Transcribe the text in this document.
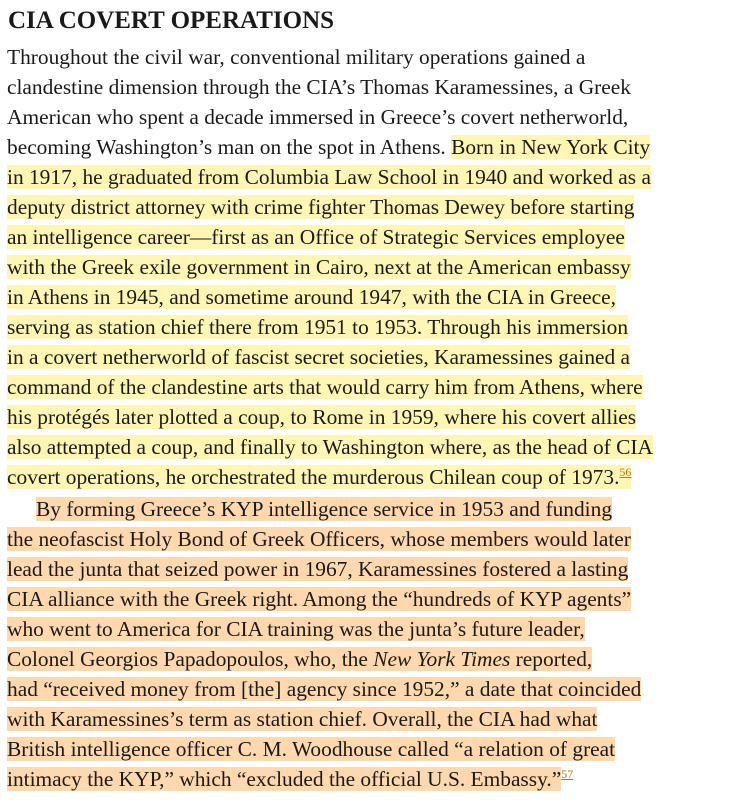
CIA COVERT OPERATIONS
Throughout the civil war, conventional military operations gained a
clandestine dimension through the CIA’s Thomas Karamessines, a Greek
American who spent a decade immersed in Greece’s covert netherworld,
becoming Washington’s man on the spot in Athens. Born in New York City
in 1917, he graduated from Columbia Law School in 1940 and worked as a
deputy district attorney with crime fighter Thomas Dewey before starting
an intelligence career—first as an Office of Strategic Services employee
with the Greek exile government in Cairo, next at the American embassy
in Athens in 1945, and sometime around 1947, with the CIA in Greece,
serving as station chief there from 1951 to 1953. Through his immersion
in a covert netherworld of fascist secret societies, Karamessines gained a
command of the clandestine arts that would carry him from Athens, where
his protégés later plotted a coup, to Rome in 1959, where his covert allies
also attempted a coup, and finally to Washington where, as the head of CIA
covert operations, he orchestrated the murderous Chilean coup of 1973.56
By forming Greece’s KYP intelligence service in 1953 and funding
the neofascist Holy Bond of Greek Officers, whose members would later
lead the junta that seized power in 1967, Karamessines fostered a lasting
CIA alliance with the Greek right. Among the “hundreds of KYP agents”
who went to America for CIA training was the junta’s future leader,
Colonel Georgios Papadopoulos, who, the New York Times reported,
had “received money from [the] agency since 1952,” a date that coincided
with Karamessines’s term as station chief. Overall, the CIA had what
British intelligence officer C. M. Woodhouse called “a relation of great
intimacy the KYP,” which “excluded the official U.S. Embassy.”$^{57}$
